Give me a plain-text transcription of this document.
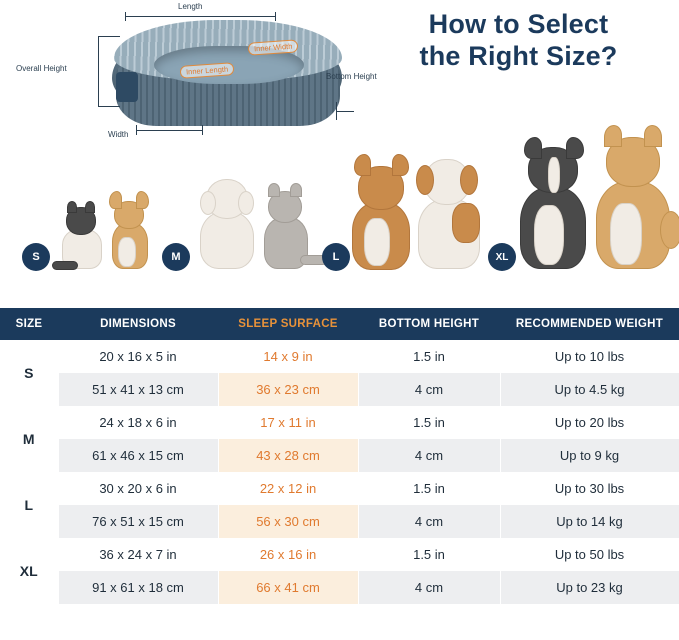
How to Select
the Right Size?
Length
Overall Height
Bottom Height
Width
Inner Width
Inner Length
S	M	L	XL
SIZE	DIMENSIONS	SLEEP SURFACE	BOTTOM HEIGHT	RECOMMENDED WEIGHT
S	20 x 16 x 5 in	14 x 9 in	1.5 in	Up to 10 lbs
	51 x 41 x 13 cm	36 x 23 cm	4 cm	Up to 4.5 kg
M	24 x 18 x 6 in	17 x 11 in	1.5 in	Up to 20 lbs
	61 x 46 x 15 cm	43 x 28 cm	4 cm	Up to 9 kg
L	30 x 20 x 6 in	22 x 12 in	1.5 in	Up to 30 lbs
	76 x 51 x 15 cm	56 x 30 cm	4 cm	Up to 14 kg
XL	36 x 24 x 7 in	26 x 16 in	1.5 in	Up to 50 lbs
	91 x 61 x 18 cm	66 x 41 cm	4 cm	Up to 23 kg
